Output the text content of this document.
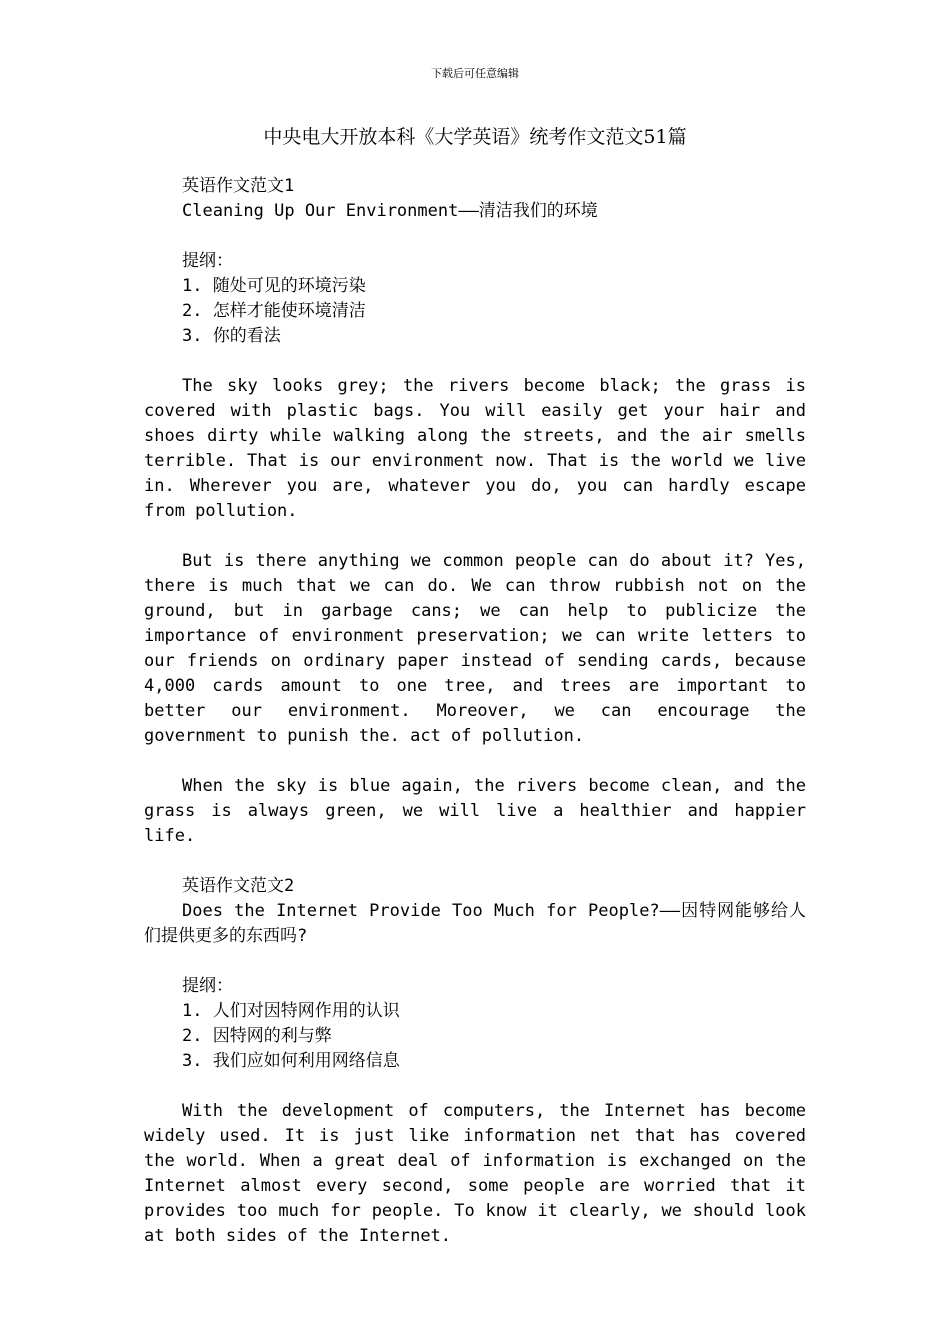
下载后可任意编辑
中央电大开放本科《大学英语》统考作文范文51篇
英语作文范文1
Cleaning Up Our Environment——清洁我们的环境
提纲：
1. 随处可见的环境污染
2. 怎样才能使环境清洁
3. 你的看法

The sky looks grey; the rivers become black; the grass is covered with plastic bags. You will easily get your hair and shoes dirty while walking along the streets, and the air smells terrible. That is our environment now. That is the world we live in. Wherever you are, whatever you do, you can hardly escape from pollution.

But is there anything we common people can do about it? Yes, there is much that we can do. We can throw rubbish not on the ground, but in garbage cans; we can help to publicize the importance of environment preservation; we can write letters to our friends on ordinary paper instead of sending cards, because 4,000 cards amount to one tree, and trees are important to better our environment. Moreover, we can encourage the government to punish the. act of pollution.

When the sky is blue again, the rivers become clean, and the grass is always green, we will live a healthier and happier life.

英语作文范文2
Does the Internet Provide Too Much for People?——因特网能够给人们提供更多的东西吗?
提纲：
1. 人们对因特网作用的认识
2. 因特网的利与弊
3. 我们应如何利用网络信息

With the development of computers, the Internet has become widely used. It is just like information net that has covered the world. When a great deal of information is exchanged on the Internet almost every second, some people are worried that it provides too much for people. To know it clearly, we should look at both sides of the Internet.
